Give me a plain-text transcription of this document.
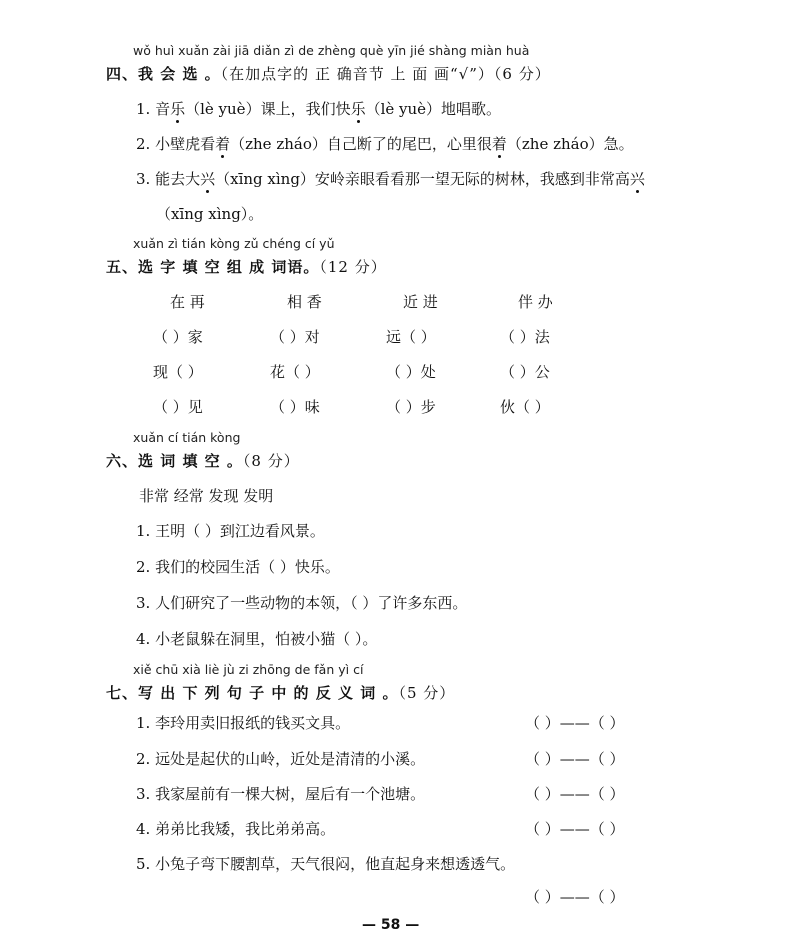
wǒ huì xuǎn zài jiā diǎn zì de zhèng què yīn jié shàng miàn huà
四、我 会 选 。（在加点字的 正 确音节 上 面 画“√”）（6 分）
1. 音乐（lè yuè）课上，我们快乐（lè yuè）地唱歌。
2. 小壁虎看着（zhe zháo）自己断了的尾巴，心里很着（zhe zháo）急。
3. 能去大兴（xīng xìng）安岭亲眼看看那一望无际的树林，我感到非常高兴
（xīng xìng）。
xuǎn zì tián kòng zǔ chéng cí yǔ
五、选 字 填 空 组 成 词语。（12 分）
在 再	相 香	近 进	伴 办
（ ）家	（ ）对	远（ ）	（ ）法
现（ ）	花（ ）	（ ）处	（ ）公
（ ）见	（ ）味	（ ）步	伙（ ）
xuǎn cí tián kòng
六、选 词 填 空 。（8 分）
非常 经常 发现 发明
1. 王明（ ）到江边看风景。
2. 我们的校园生活（ ）快乐。
3. 人们研究了一些动物的本领，（ ）了许多东西。
4. 小老鼠躲在洞里，怕被小猫（ ）。
xiě chū xià liè jù zi zhōng de fǎn yì cí
七、写 出 下 列 句 子 中 的 反 义 词 。（5 分）
1. 李玲用卖旧报纸的钱买文具。	（ ）——（ ）
2. 远处是起伏的山岭，近处是清清的小溪。	（ ）——（ ）
3. 我家屋前有一棵大树，屋后有一个池塘。	（ ）——（ ）
4. 弟弟比我矮，我比弟弟高。	（ ）——（ ）
5. 小兔子弯下腰割草，天气很闷，他直起身来想透透气。
（ ）——（ ）
— 58 —
